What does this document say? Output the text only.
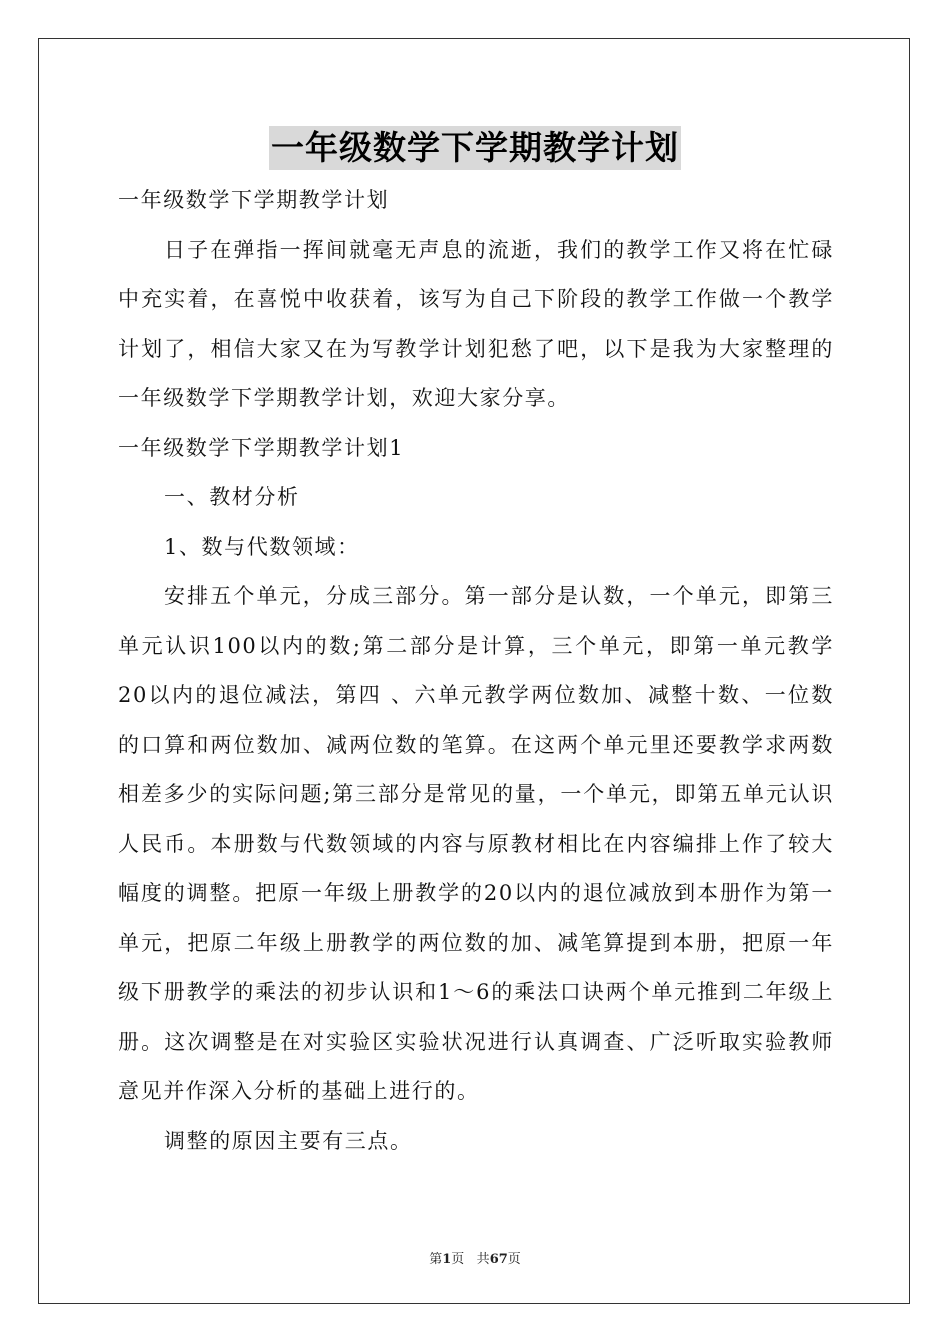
一年级数学下学期教学计划

一年级数学下学期教学计划

日子在弹指一挥间就毫无声息的流逝，我们的教学工作又将在忙碌中充实着，在喜悦中收获着，该写为自己下阶段的教学工作做一个教学计划了，相信大家又在为写教学计划犯愁了吧，以下是我为大家整理的一年级数学下学期教学计划，欢迎大家分享。

一年级数学下学期教学计划1

一、教材分析

1、数与代数领域：

安排五个单元，分成三部分。第一部分是认数，一个单元，即第三单元认识100以内的数;第二部分是计算，三个单元，即第一单元教学20以内的退位减法，第四 、六单元教学两位数加、减整十数、一位数的口算和两位数加、减两位数的笔算。在这两个单元里还要教学求两数相差多少的实际问题;第三部分是常见的量，一个单元，即第五单元认识人民币。本册数与代数领域的内容与原教材相比在内容编排上作了较大幅度的调整。把原一年级上册教学的20以内的退位减放到本册作为第一单元，把原二年级上册教学的两位数的加、减笔算提到本册，把原一年级下册教学的乘法的初步认识和1～6的乘法口诀两个单元推到二年级上册。这次调整是在对实验区实验状况进行认真调查、广泛听取实验教师意见并作深入分析的基础上进行的。

调整的原因主要有三点。

第1页 共67页
